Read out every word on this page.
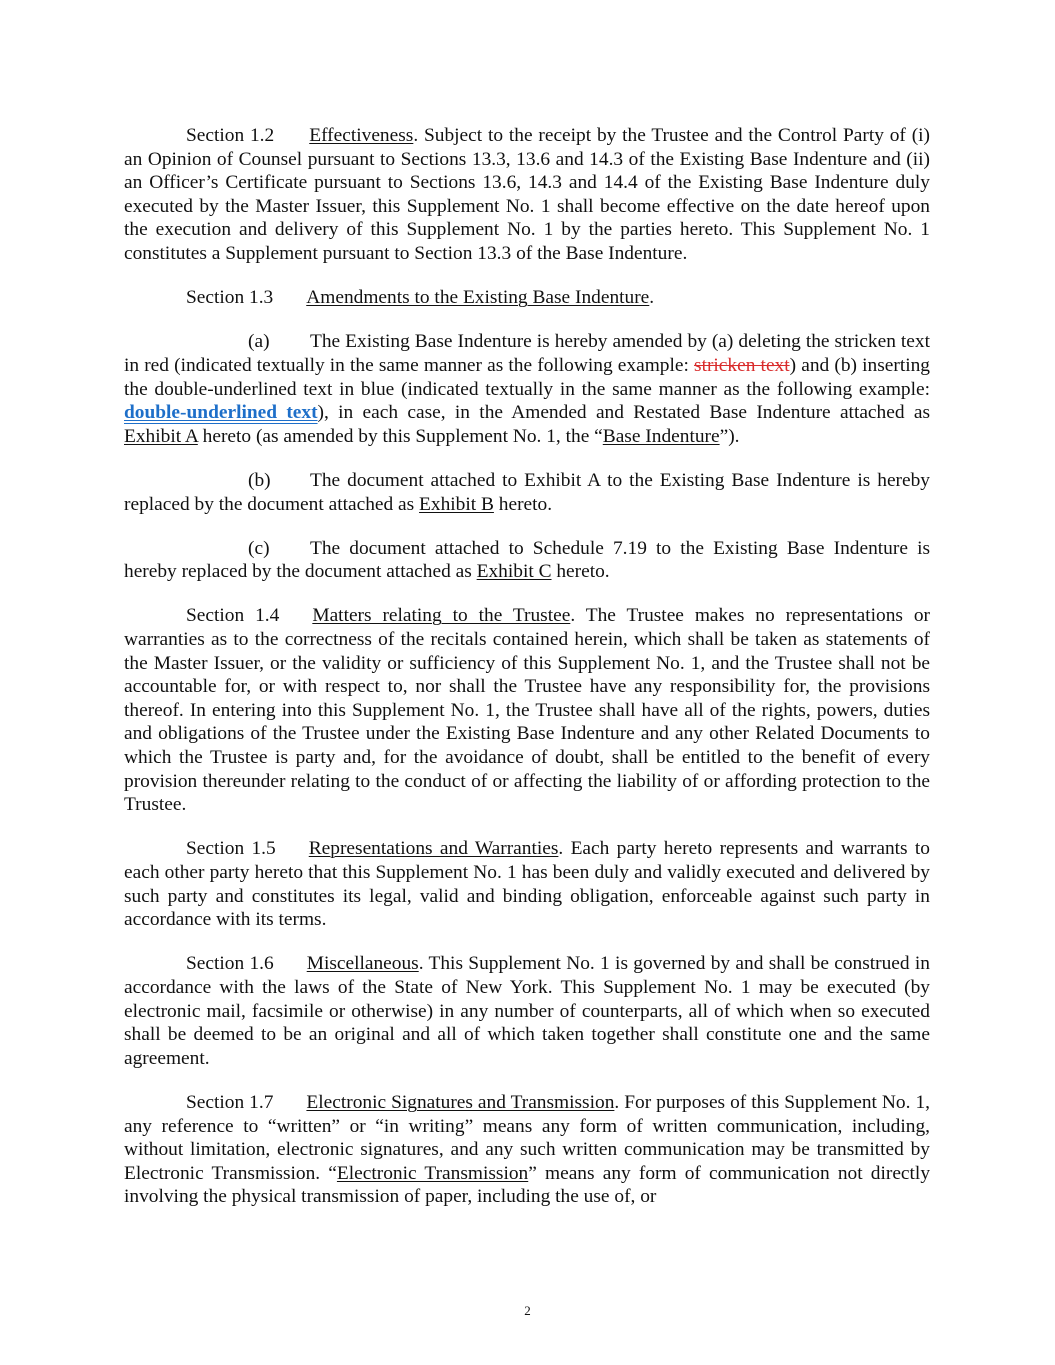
Section 1.2 Effectiveness. Subject to the receipt by the Trustee and the Control Party of (i) an Opinion of Counsel pursuant to Sections 13.3, 13.6 and 14.3 of the Existing Base Indenture and (ii) an Officer’s Certificate pursuant to Sections 13.6, 14.3 and 14.4 of the Existing Base Indenture duly executed by the Master Issuer, this Supplement No. 1 shall become effective on the date hereof upon the execution and delivery of this Supplement No. 1 by the parties hereto. This Supplement No. 1 constitutes a Supplement pursuant to Section 13.3 of the Base Indenture.

Section 1.3 Amendments to the Existing Base Indenture.

(a) The Existing Base Indenture is hereby amended by (a) deleting the stricken text in red (indicated textually in the same manner as the following example: stricken text) and (b) inserting the double-underlined text in blue (indicated textually in the same manner as the following example: double-underlined text), in each case, in the Amended and Restated Base Indenture attached as Exhibit A hereto (as amended by this Supplement No. 1, the “Base Indenture”).

(b) The document attached to Exhibit A to the Existing Base Indenture is hereby replaced by the document attached as Exhibit B hereto.

(c) The document attached to Schedule 7.19 to the Existing Base Indenture is hereby replaced by the document attached as Exhibit C hereto.

Section 1.4 Matters relating to the Trustee. The Trustee makes no representations or warranties as to the correctness of the recitals contained herein, which shall be taken as statements of the Master Issuer, or the validity or sufficiency of this Supplement No. 1, and the Trustee shall not be accountable for, or with respect to, nor shall the Trustee have any responsibility for, the provisions thereof. In entering into this Supplement No. 1, the Trustee shall have all of the rights, powers, duties and obligations of the Trustee under the Existing Base Indenture and any other Related Documents to which the Trustee is party and, for the avoidance of doubt, shall be entitled to the benefit of every provision thereunder relating to the conduct of or affecting the liability of or affording protection to the Trustee.

Section 1.5 Representations and Warranties. Each party hereto represents and warrants to each other party hereto that this Supplement No. 1 has been duly and validly executed and delivered by such party and constitutes its legal, valid and binding obligation, enforceable against such party in accordance with its terms.

Section 1.6 Miscellaneous. This Supplement No. 1 is governed by and shall be construed in accordance with the laws of the State of New York. This Supplement No. 1 may be executed (by electronic mail, facsimile or otherwise) in any number of counterparts, all of which when so executed shall be deemed to be an original and all of which taken together shall constitute one and the same agreement.

Section 1.7 Electronic Signatures and Transmission. For purposes of this Supplement No. 1, any reference to “written” or “in writing” means any form of written communication, including, without limitation, electronic signatures, and any such written communication may be transmitted by Electronic Transmission. “Electronic Transmission” means any form of communication not directly involving the physical transmission of paper, including the use of, or

2
